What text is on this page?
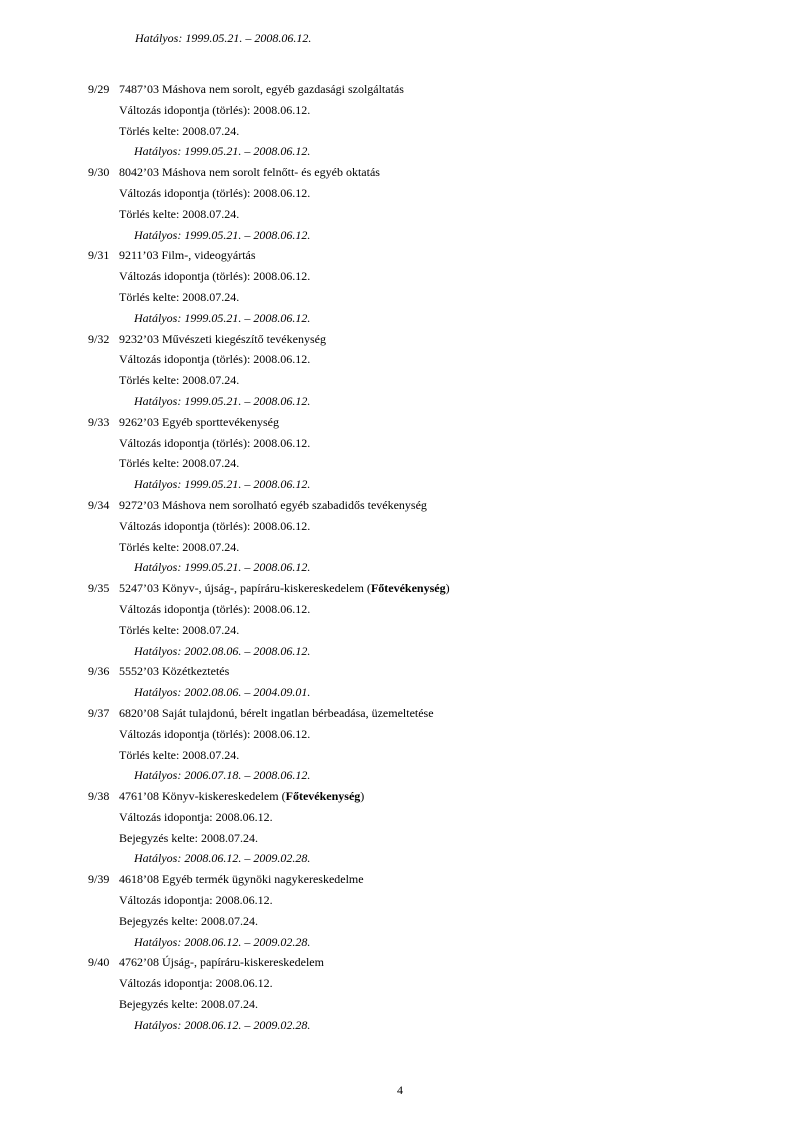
Hatályos: 1999.05.21. – 2008.06.12.
9/29 7487’03 Máshova nem sorolt, egyéb gazdasági szolgáltatás
Változás idopontja (törlés): 2008.06.12.
Törlés kelte: 2008.07.24.
Hatályos: 1999.05.21. – 2008.06.12.
9/30 8042’03 Máshova nem sorolt felnőtt- és egyéb oktatás
Változás idopontja (törlés): 2008.06.12.
Törlés kelte: 2008.07.24.
Hatályos: 1999.05.21. – 2008.06.12.
9/31 9211’03 Film-, videogyártás
Változás idopontja (törlés): 2008.06.12.
Törlés kelte: 2008.07.24.
Hatályos: 1999.05.21. – 2008.06.12.
9/32 9232’03 Művészeti kiegészítő tevékenység
Változás idopontja (törlés): 2008.06.12.
Törlés kelte: 2008.07.24.
Hatályos: 1999.05.21. – 2008.06.12.
9/33 9262’03 Egyéb sporttevékenység
Változás idopontja (törlés): 2008.06.12.
Törlés kelte: 2008.07.24.
Hatályos: 1999.05.21. – 2008.06.12.
9/34 9272’03 Máshova nem sorolható egyéb szabadidős tevékenység
Változás idopontja (törlés): 2008.06.12.
Törlés kelte: 2008.07.24.
Hatályos: 1999.05.21. – 2008.06.12.
9/35 5247’03 Könyv-, újság-, papíráru-kiskereskedelem (Főtevékenység)
Változás idopontja (törlés): 2008.06.12.
Törlés kelte: 2008.07.24.
Hatályos: 2002.08.06. – 2008.06.12.
9/36 5552’03 Közétkeztetés
Hatályos: 2002.08.06. – 2004.09.01.
9/37 6820’08 Saját tulajdonú, bérelt ingatlan bérbeadása, üzemeltetése
Változás idopontja (törlés): 2008.06.12.
Törlés kelte: 2008.07.24.
Hatályos: 2006.07.18. – 2008.06.12.
9/38 4761’08 Könyv-kiskereskedelem (Főtevékenység)
Változás idopontja: 2008.06.12.
Bejegyzés kelte: 2008.07.24.
Hatályos: 2008.06.12. – 2009.02.28.
9/39 4618’08 Egyéb termék ügynöki nagykereskedelme
Változás idopontja: 2008.06.12.
Bejegyzés kelte: 2008.07.24.
Hatályos: 2008.06.12. – 2009.02.28.
9/40 4762’08 Újság-, papíráru-kiskereskedelem
Változás idopontja: 2008.06.12.
Bejegyzés kelte: 2008.07.24.
Hatályos: 2008.06.12. – 2009.02.28.
4
